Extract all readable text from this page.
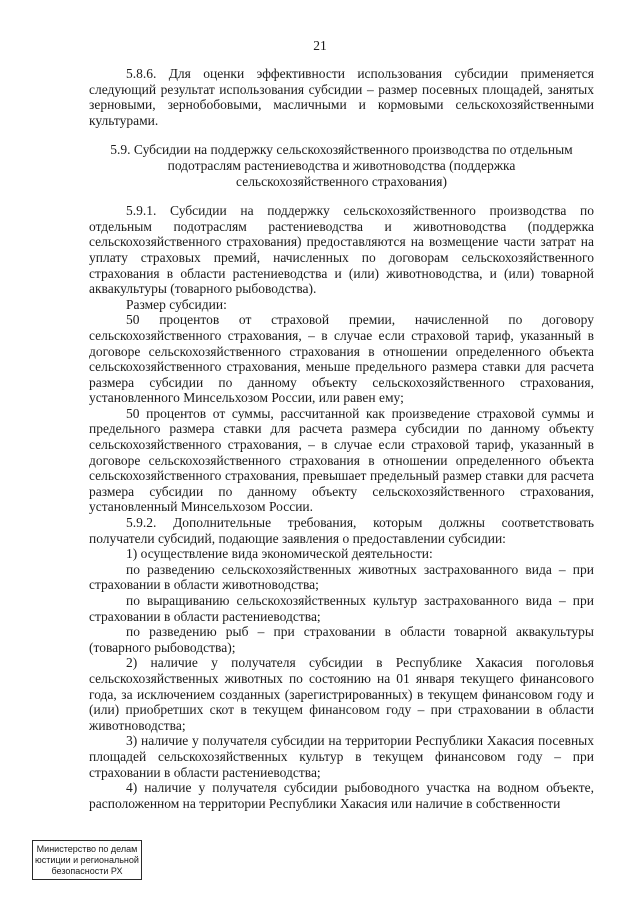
21

5.8.6. Для оценки эффективности использования субсидии применяется следующий результат использования субсидии – размер посевных площадей, занятых зерновыми, зернобобовыми, масличными и кормовыми сельскохозяйственными культурами.

5.9. Субсидии на поддержку сельскохозяйственного производства по отдельным подотраслям растениеводства и животноводства (поддержка сельскохозяйственного страхования)

5.9.1. Субсидии на поддержку сельскохозяйственного производства по отдельным подотраслям растениеводства и животноводства (поддержка сельскохозяйственного страхования) предоставляются на возмещение части затрат на уплату страховых премий, начисленных по договорам сельскохозяйственного страхования в области растениеводства и (или) животноводства, и (или) товарной аквакультуры (товарного рыбоводства).

Размер субсидии:

50 процентов от страховой премии, начисленной по договору сельскохозяйственного страхования, – в случае если страховой тариф, указанный в договоре сельскохозяйственного страхования в отношении определенного объекта сельскохозяйственного страхования, меньше предельного размера ставки для расчета размера субсидии по данному объекту сельскохозяйственного страхования, установленного Минсельхозом России, или равен ему;

50 процентов от суммы, рассчитанной как произведение страховой суммы и предельного размера ставки для расчета размера субсидии по данному объекту сельскохозяйственного страхования, – в случае если страховой тариф, указанный в договоре сельскохозяйственного страхования в отношении определенного объекта сельскохозяйственного страхования, превышает предельный размер ставки для расчета размера субсидии по данному объекту сельскохозяйственного страхования, установленный Минсельхозом России.

5.9.2. Дополнительные требования, которым должны соответствовать получатели субсидий, подающие заявления о предоставлении субсидии:

1) осуществление вида экономической деятельности:

по разведению сельскохозяйственных животных застрахованного вида – при страховании в области животноводства;

по выращиванию сельскохозяйственных культур застрахованного вида – при страховании в области растениеводства;

по разведению рыб – при страховании в области товарной аквакультуры (товарного рыбоводства);

2) наличие у получателя субсидии в Республике Хакасия поголовья сельскохозяйственных животных по состоянию на 01 января текущего финансового года, за исключением созданных (зарегистрированных) в текущем финансовом году и (или) приобретших скот в текущем финансовом году – при страховании в области животноводства;

3) наличие у получателя субсидии на территории Республики Хакасия посевных площадей сельскохозяйственных культур в текущем финансовом году – при страховании в области растениеводства;

4) наличие у получателя субсидии рыбоводного участка на водном объекте, расположенном на территории Республики Хакасия или наличие в собственности

Министерство по делам
юстиции и региональной
безопасности РХ
